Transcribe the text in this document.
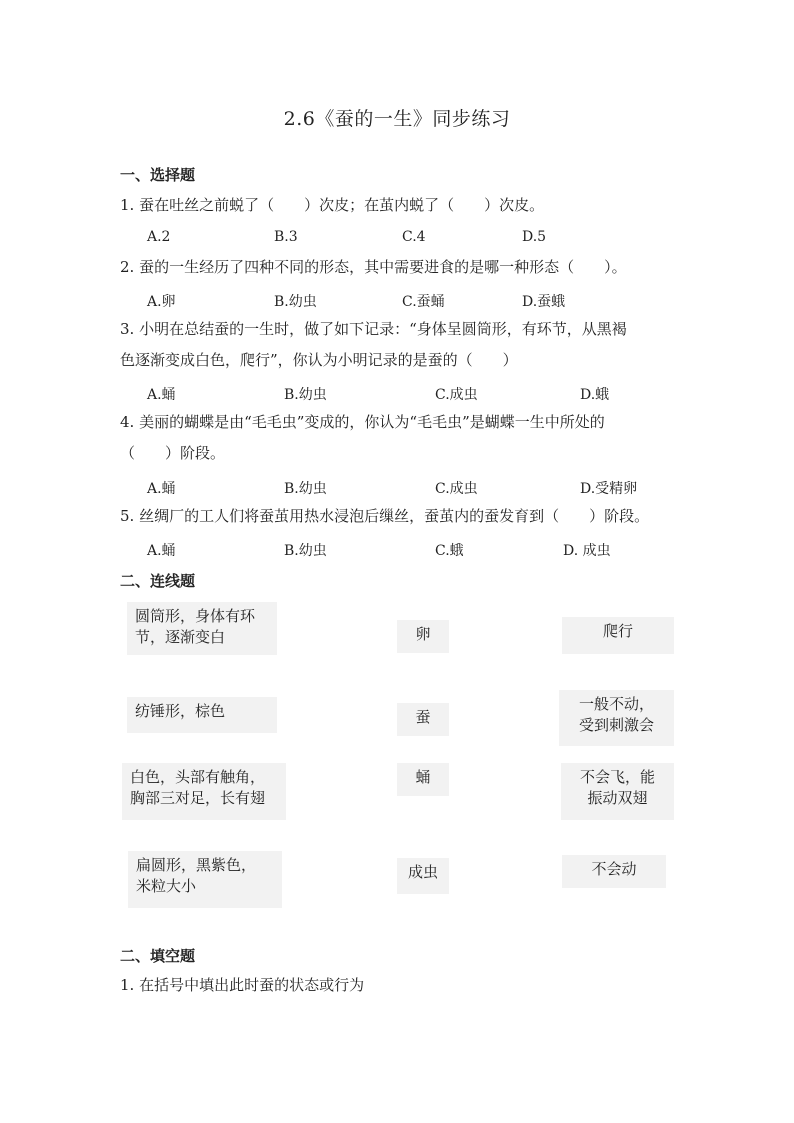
2.6《蚕的一生》同步练习
一、选择题
1. 蚕在吐丝之前蜕了（　　）次皮；在茧内蜕了（　　）次皮。
A.2	B.3	C.4	D.5
2. 蚕的一生经历了四种不同的形态，其中需要进食的是哪一种形态（　　）。
A.卵	B.幼虫	C.蚕蛹	D.蚕蛾
3. 小明在总结蚕的一生时，做了如下记录：“身体呈圆筒形，有环节，从黑褐
色逐渐变成白色，爬行”，你认为小明记录的是蚕的（　　）
A.蛹	B.幼虫	C.成虫	D.蛾
4. 美丽的蝴蝶是由“毛毛虫”变成的，你认为“毛毛虫”是蝴蝶一生中所处的
（　　）阶段。
A.蛹	B.幼虫	C.成虫	D.受精卵
5. 丝绸厂的工人们将蚕茧用热水浸泡后缫丝，蚕茧内的蚕发育到（　　）阶段。
A.蛹	B.幼虫	C.蛾	D. 成虫
二、连线题
圆筒形，身体有环
节，逐渐变白
纺锤形，棕色
白色，头部有触角，
胸部三对足，长有翅
扁圆形，黑紫色，
米粒大小
卵
蚕
蛹
成虫
爬行
一般不动，
受到刺激会
不会飞，能
振动双翅
不会动
二、填空题
1. 在括号中填出此时蚕的状态或行为
